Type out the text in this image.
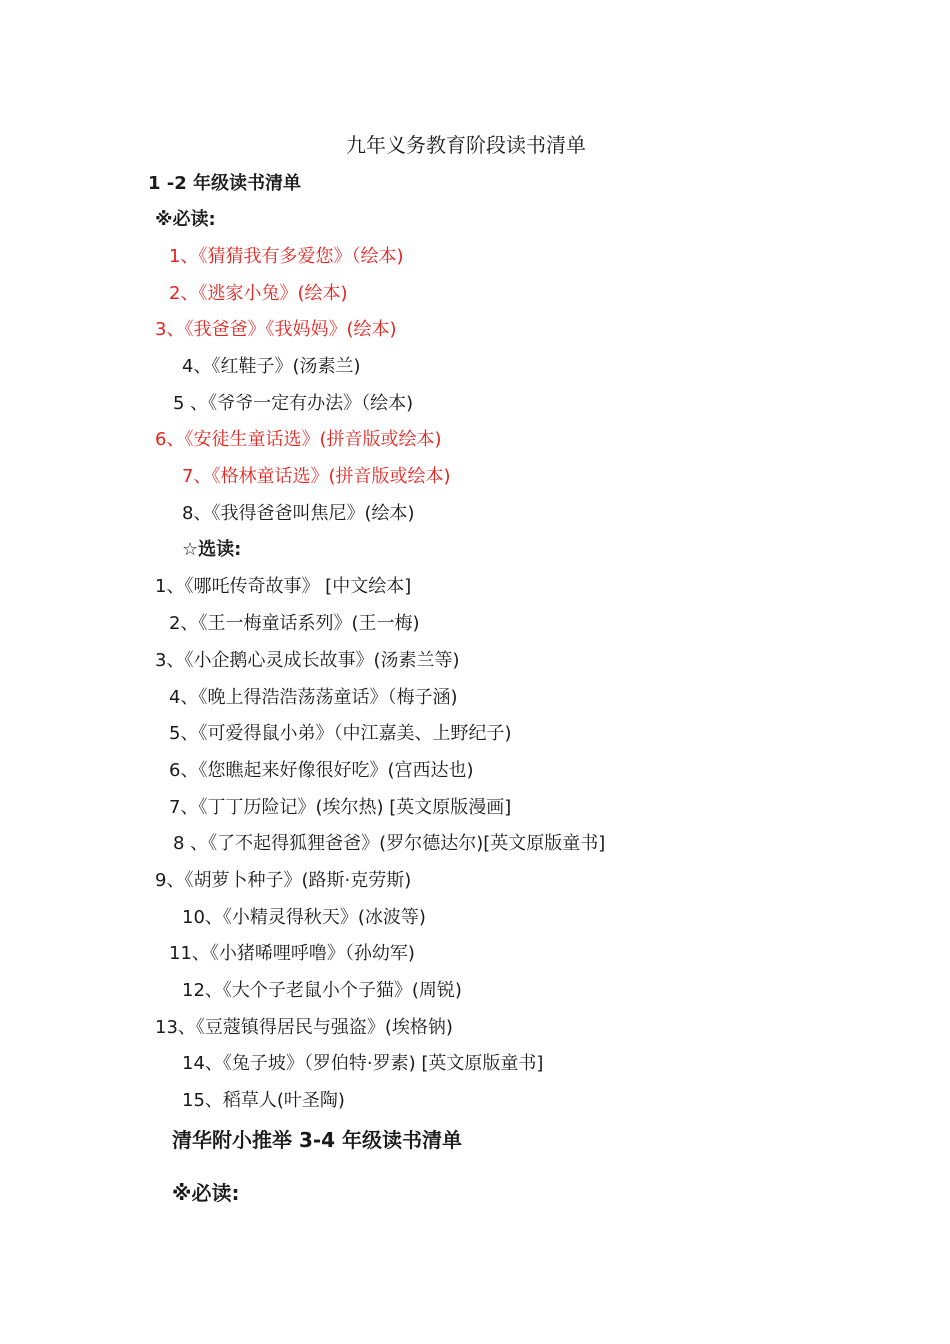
九年义务教育阶段读书清单
1 -2 年级读书清单
※必读:
1、《猜猜我有多爱您》（绘本)
2、《逃家小兔》(绘本)
3、《我爸爸》《我妈妈》(绘本)
4、《红鞋子》(汤素兰)
5 、《爷爷一定有办法》（绘本)
6、《安徒生童话选》(拼音版或绘本)
7、《格林童话选》(拼音版或绘本)
8、《我得爸爸叫焦尼》(绘本)
☆选读:
1、《哪吒传奇故事》 [中文绘本]
2、《王一梅童话系列》(王一梅)
3、《小企鹅心灵成长故事》(汤素兰等)
4、《晚上得浩浩荡荡童话》（梅子涵)
5、《可爱得鼠小弟》（中江嘉美、上野纪子)
6、《您瞧起来好像很好吃》(宫西达也)
7、《丁丁历险记》(埃尔热) [英文原版漫画]
8 、《了不起得狐狸爸爸》(罗尔德达尔)[英文原版童书]
9、《胡萝卜种子》(路斯·克劳斯)
10、《小精灵得秋天》(冰波等)
11、《小猪唏哩呼噜》（孙幼军)
12、《大个子老鼠小个子猫》(周锐)
13、《豆蔻镇得居民与强盗》(埃格钠)
14、《兔子坡》（罗伯特·罗素) [英文原版童书]
15、稻草人(叶圣陶)
清华附小推举 3-4 年级读书清单
※必读:
